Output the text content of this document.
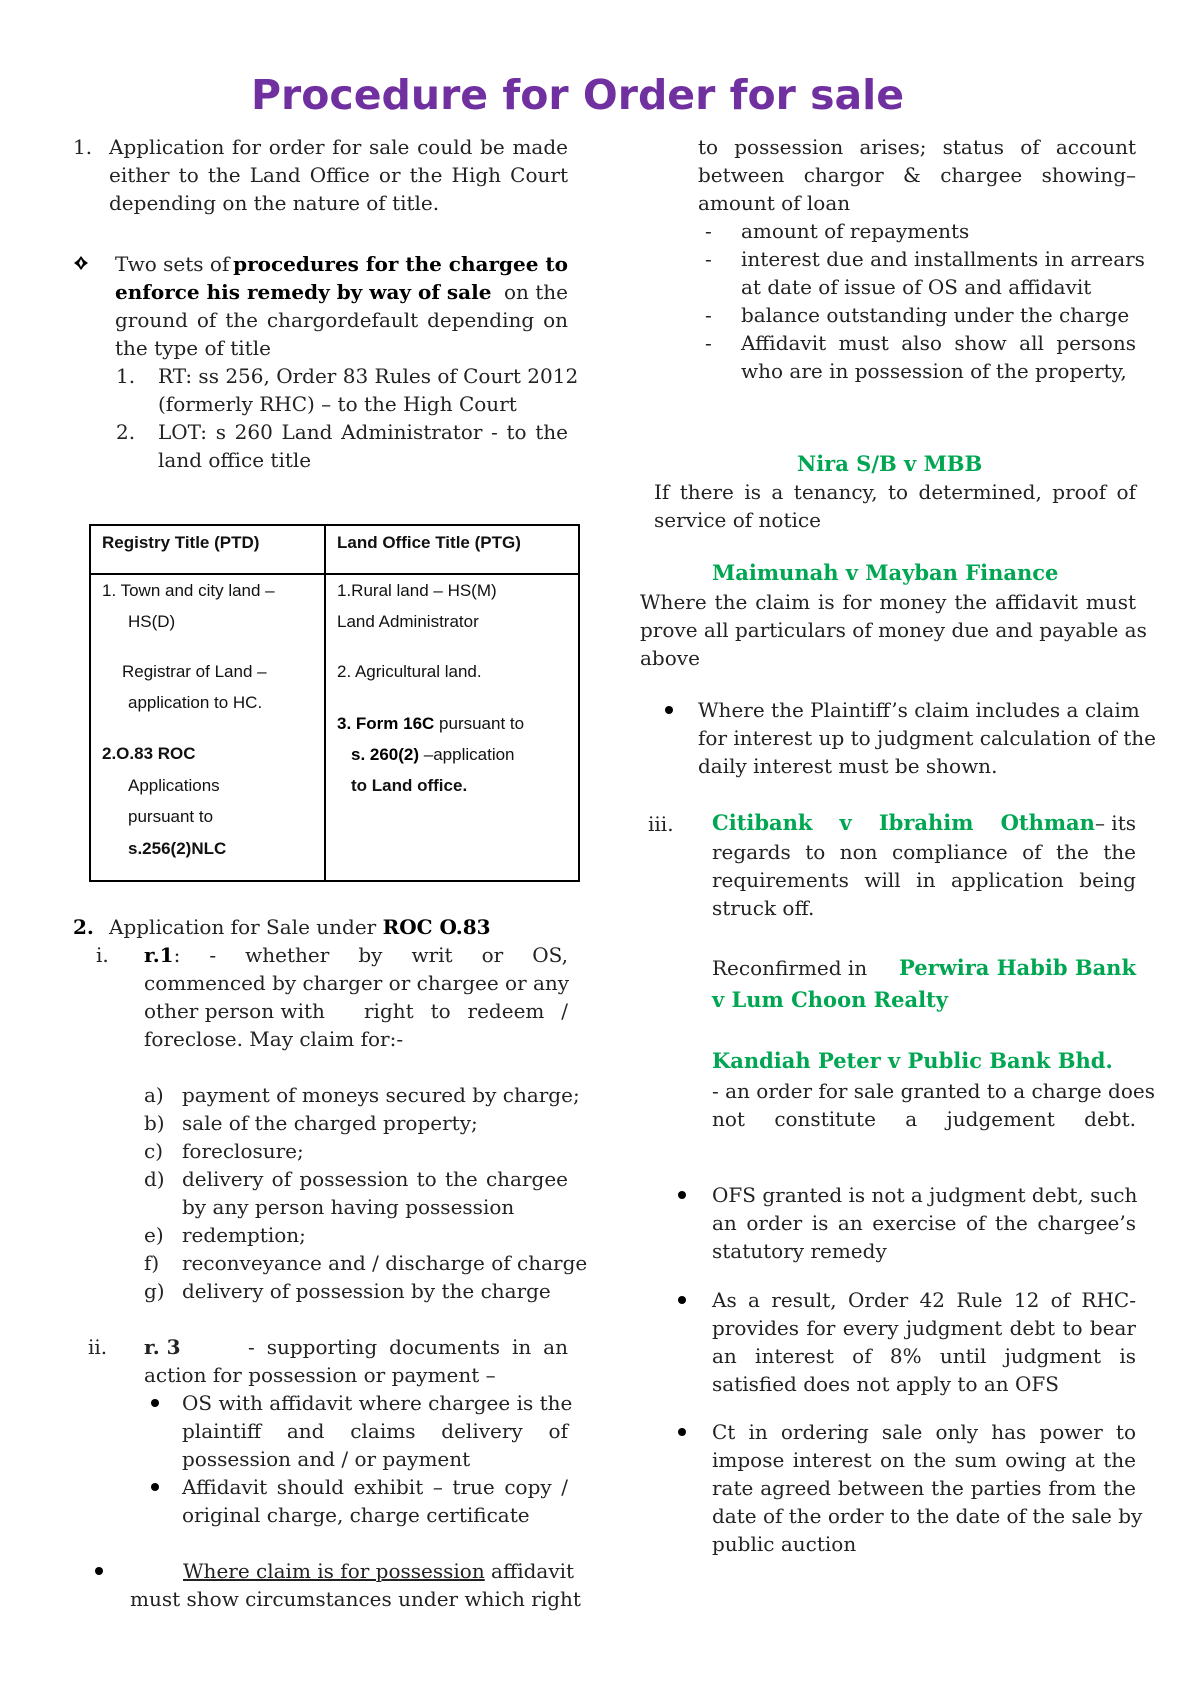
Procedure for Order for sale

1. Application for order for sale could be made

either to the Land Office or the High Court

depending on the nature of title.

Two sets of procedures for the chargee to

enforce his remedy by way of sale on the

ground of the chargordefault depending on

the type of title

1. RT: ss 256, Order 83 Rules of Court 2012

(formerly RHC) – to the High Court

2. LOT: s 260 Land Administrator - to the

land office title

Registry Title (PTD)	Land Office Title (PTG)

1. Town and city land –

HS(D)

Registrar of Land –

application to HC.

2.O.83 ROC

Applications

pursuant to

s.256(2)NLC

1.Rural land – HS(M)

Land Administrator

2. Agricultural land.

3. Form 16C pursuant to

s. 260(2) –application

to Land office.

2. Application for Sale under ROC O.83

i. r.1 : - whether by writ or OS,

commenced by charger or chargee or any

other person with right to redeem /

foreclose. May claim for:-

a) payment of moneys secured by charge;

b) sale of the charged property;

c) foreclosure;

d) delivery of possession to the chargee

by any person having possession

e) redemption;

f) reconveyance and / discharge of charge

g) delivery of possession by the charge

ii. r. 3	- supporting documents in an

action for possession or payment –

OS with affidavit where chargee is the

plaintiff and claims delivery of

possession and / or payment

Affidavit should exhibit – true copy /

original charge, charge certificate

Where claim is for possession affidavit

must show circumstances under which right

to possession arises; status of account

between chargor & chargee showing–

amount of loan

- amount of repayments

- interest due and installments in arrears

at date of issue of OS and affidavit

- balance outstanding under the charge

- Affidavit must also show all persons

who are in possession of the property,

Nira S/B v MBB

If there is a tenancy, to determined, proof of

service of notice

Maimunah v Mayban Finance

Where the claim is for money the affidavit must

prove all particulars of money due and payable as

above

Where the Plaintiff’s claim includes a claim

for interest up to judgment calculation of the

daily interest must be shown.

iii. Citibank v Ibrahim Othman – its

regards to non compliance of the the

requirements will in application being

struck off.

Reconfirmed in Perwira Habib Bank

v Lum Choon Realty

Kandiah Peter v Public Bank Bhd.

- an order for sale granted to a charge does

not constitute a judgement debt.

OFS granted is not a judgment debt, such

an order is an exercise of the chargee’s

statutory remedy

As a result, Order 42 Rule 12 of RHC-

provides for every judgment debt to bear

an interest of 8% until judgment is

satisfied does not apply to an OFS

Ct in ordering sale only has power to

impose interest on the sum owing at the

rate agreed between the parties from the

date of the order to the date of the sale by

public auction
